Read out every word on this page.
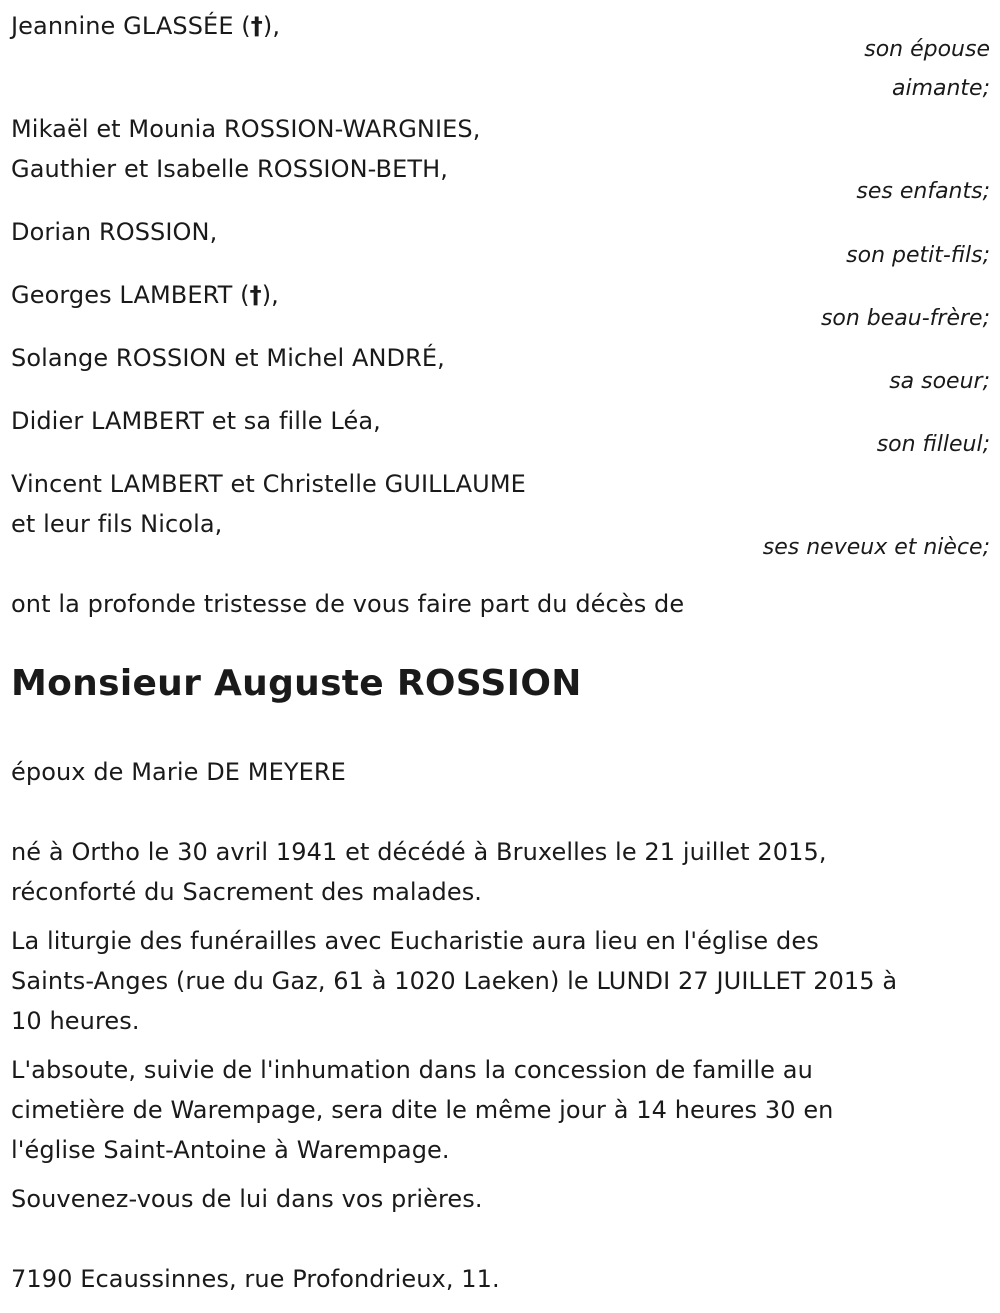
Jeannine GLASSÉE (†),
son épouse
aimante;
Mikaël et Mounia ROSSION-WARGNIES,
Gauthier et Isabelle ROSSION-BETH,
ses enfants;
Dorian ROSSION,
son petit-fils;
Georges LAMBERT (†),
son beau-frère;
Solange ROSSION et Michel ANDRÉ,
sa soeur;
Didier LAMBERT et sa fille Léa,
son filleul;
Vincent LAMBERT et Christelle GUILLAUME
et leur fils Nicola,
ses neveux et nièce;
ont la profonde tristesse de vous faire part du décès de
Monsieur Auguste ROSSION
époux de Marie DE MEYERE
né à Ortho le 30 avril 1941 et décédé à Bruxelles le 21 juillet 2015,
réconforté du Sacrement des malades.
La liturgie des funérailles avec Eucharistie aura lieu en l'église des
Saints-Anges (rue du Gaz, 61 à 1020 Laeken) le LUNDI 27 JUILLET 2015 à
10 heures.
L'absoute, suivie de l'inhumation dans la concession de famille au
cimetière de Warempage, sera dite le même jour à 14 heures 30 en
l'église Saint-Antoine à Warempage.
Souvenez-vous de lui dans vos prières.
7190 Ecaussinnes, rue Profondrieux, 11.
